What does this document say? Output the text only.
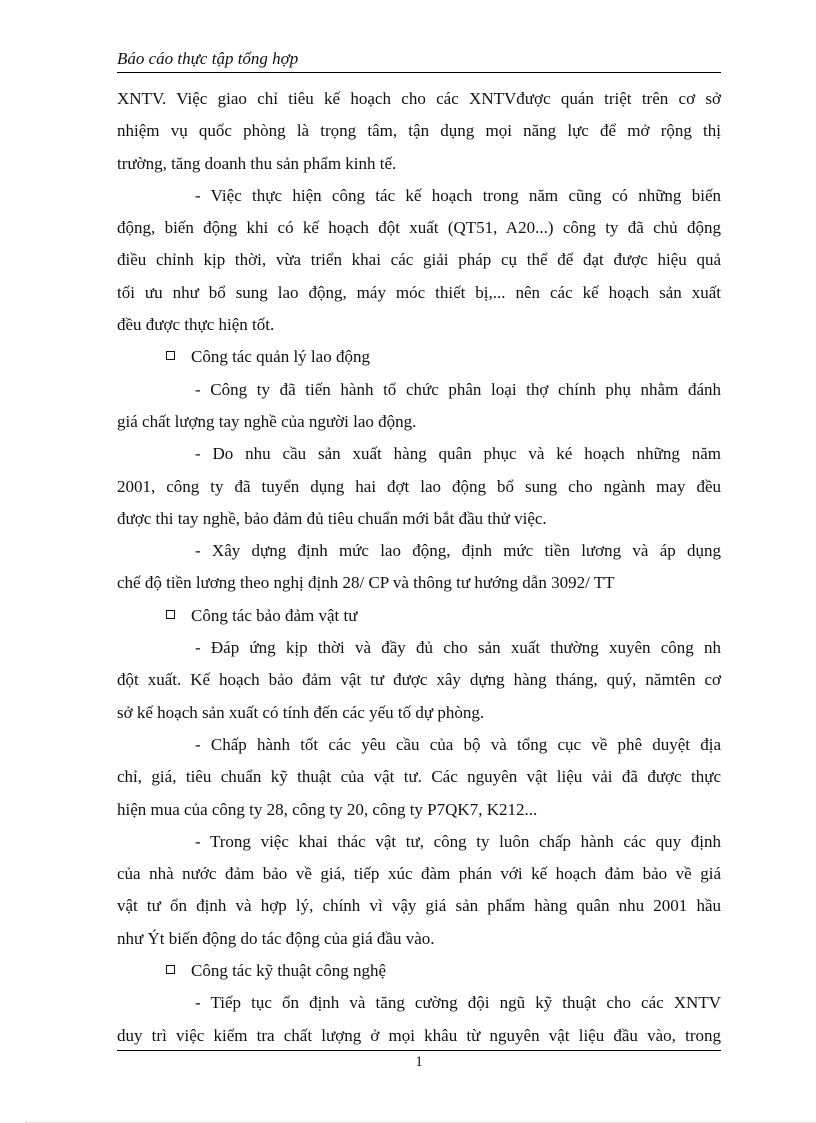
Báo cáo thực tập tổng hợp
XNTV. Việc giao chỉ tiêu kế hoạch cho các XNTVđược quán triệt trên cơ sở
nhiệm vụ quốc phòng là trọng tâm, tận dụng mọi năng lực để mở rộng thị
trường, tăng doanh thu sản phẩm kinh tế.
- Việc thực hiện công tác kế hoạch trong năm cũng có những biến
động, biến động khi có kế hoạch đột xuất (QT51, A20...) công ty đã chủ động
điều chỉnh kịp thời, vừa triển khai các giải pháp cụ thể để đạt được hiệu quả
tối ưu như bổ sung lao động, máy móc thiết bị,... nên các kế hoạch sản xuất
đều được thực hiện tốt.
Công tác quản lý lao động
- Công ty đã tiến hành tổ chức phân loại thợ chính phụ nhằm đánh
giá chất lượng tay nghề của người lao động.
- Do nhu cầu sản xuất hàng quân phục và ké hoạch những năm
2001, công ty đã tuyển dụng hai đợt lao động bổ sung cho ngành may đều
được thi tay nghề, bảo đảm đủ tiêu chuẩn mới bắt đầu thử việc.
- Xây dựng định mức lao động, định mức tiền lương và áp dụng
chế độ tiền lương theo nghị định 28/ CP và thông tư hướng dẫn 3092/ TT
Công tác bảo đảm vật tư
- Đáp ứng kịp thời và đầy đủ cho sản xuất thường xuyên công nh
đột xuất. Kế hoạch bảo đảm vật tư được xây dựng hàng tháng, quý, nămtên cơ
sở kế hoạch sản xuất có tính đến các yếu tố dự phòng.
- Chấp hành tốt các yêu cầu của bộ và tổng cục về phê duyệt địa
chỉ, giá, tiêu chuẩn kỹ thuật của vật tư. Các nguyên vật liệu vải đã được thực
hiện mua của công ty 28, công ty 20, công ty P7QK7, K212...
- Trong việc khai thác vật tư, công ty luôn chấp hành các quy định
của nhà nước đảm bảo về giá, tiếp xúc đàm phán với kế hoạch đảm bảo về giá
vật tư ổn định và hợp lý, chính vì vậy giá sản phẩm hàng quân nhu 2001 hầu
như Ýt biến động do tác động của giá đầu vào.
Công tác kỹ thuật công nghệ
- Tiếp tục ổn định và tăng cường đội ngũ kỹ thuật cho các XNTV
duy trì việc kiểm tra chất lượng ở mọi khâu từ nguyên vật liệu đầu vào, trong
1
